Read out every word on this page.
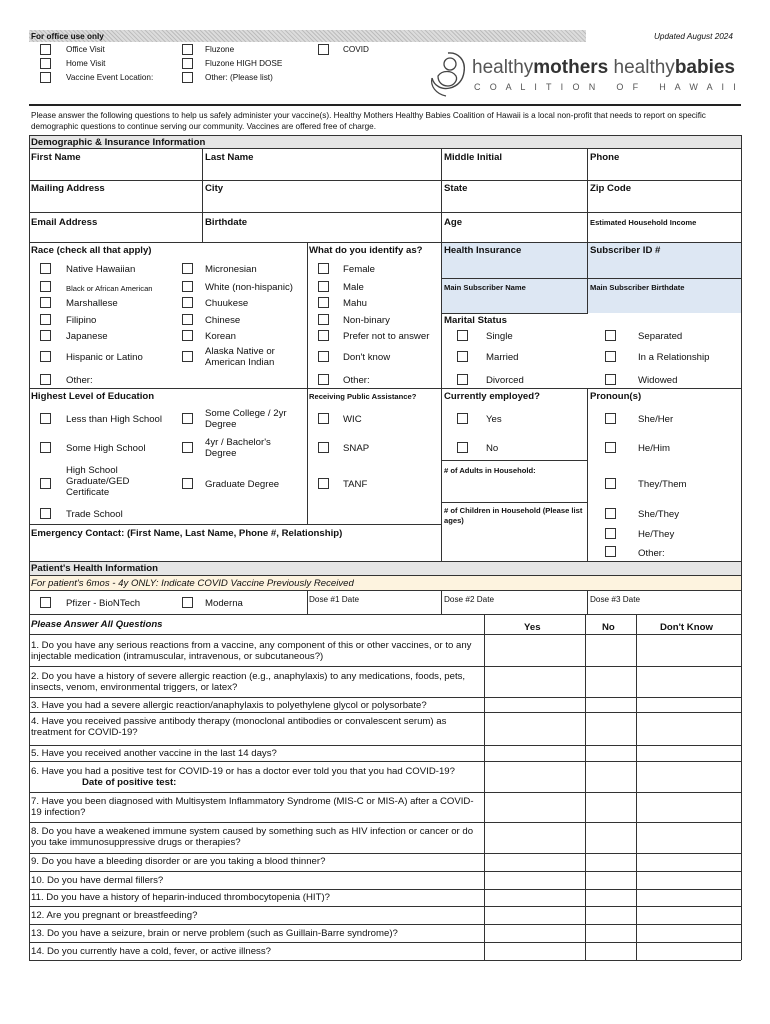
For office use only	Updated August 2024
Office Visit
Home Visit
Vaccine Event Location:
Fluzone
Fluzone HIGH DOSE
Other: (Please list)
COVID
healthymothers healthybabies
C O A L I T I O N   O F   H A W A I I
Please answer the following questions to help us safely administer your vaccine(s). Healthy Mothers Healthy Babies Coalition of Hawaii is a local non-profit that needs to report on specific demographic questions to continue serving our community. Vaccines are offered free of charge.
Demographic & Insurance Information
First Name	Last Name	Middle Initial	Phone
Mailing Address	City	State	Zip Code
Email Address	Birthdate	Age	Estimated Household Income
Race (check all that apply)
Native Hawaiian
Black or African American
Marshallese
Filipino
Japanese
Hispanic or Latino
Other:
Micronesian
White (non-hispanic)
Chuukese
Chinese
Korean
Alaska Native or American Indian
What do you identify as?
Female
Male
Mahu
Non-binary
Prefer not to answer
Don't know
Other:
Health Insurance	Subscriber ID #
Main Subscriber Name	Main Subscriber Birthdate
Marital Status
Single
Married
Divorced
Separated
In a Relationship
Widowed
Highest Level of Education
Less than High School
Some High School
High School Graduate/GED Certificate
Trade School
Some College / 2yr Degree
4yr / Bachelor's Degree
Graduate Degree
Receiving Public Assistance?
WIC
SNAP
TANF
Currently employed?
Yes
No
# of Adults in Household:
# of Children in Household (Please list ages)
Pronoun(s)
She/Her
He/Him
They/Them
She/They
He/They
Other:
Emergency Contact: (First Name, Last Name, Phone #, Relationship)
Patient's Health Information
For patient's 6mos - 4y ONLY: Indicate COVID Vaccine Previously Received
Pfizer - BioNTech	Moderna	Dose #1 Date	Dose #2 Date	Dose #3 Date
Please Answer All Questions	Yes	No	Don't Know
1. Do you have any serious reactions from a vaccine, any component of this or other vaccines, or to any injectable medication (intramuscular, intravenous, or subcutaneous?)
2. Do you have a history of severe allergic reaction (e.g., anaphylaxis) to any medications, foods, pets, insects, venom, environmental triggers, or latex?
3. Have you had a severe allergic reaction/anaphylaxis to polyethylene glycol or polysorbate?
4. Have you received passive antibody therapy (monoclonal antibodies or convalescent serum) as treatment for COVID-19?
5. Have you received another vaccine in the last 14 days?
6. Have you had a positive test for COVID-19 or has a doctor ever told you that you had COVID-19?
Date of positive test:
7. Have you been diagnosed with Multisystem Inflammatory Syndrome (MIS-C or MIS-A) after a COVID-19 infection?
8. Do you have a weakened immune system caused by something such as HIV infection or cancer or do you take immunosuppressive drugs or therapies?
9. Do you have a bleeding disorder or are you taking a blood thinner?
10. Do you have dermal fillers?
11. Do you have a history of heparin-induced thrombocytopenia (HIT)?
12. Are you pregnant or breastfeeding?
13. Do you have a seizure, brain or nerve problem (such as Guillain-Barre syndrome)?
14. Do you currently have a cold, fever, or active illness?
